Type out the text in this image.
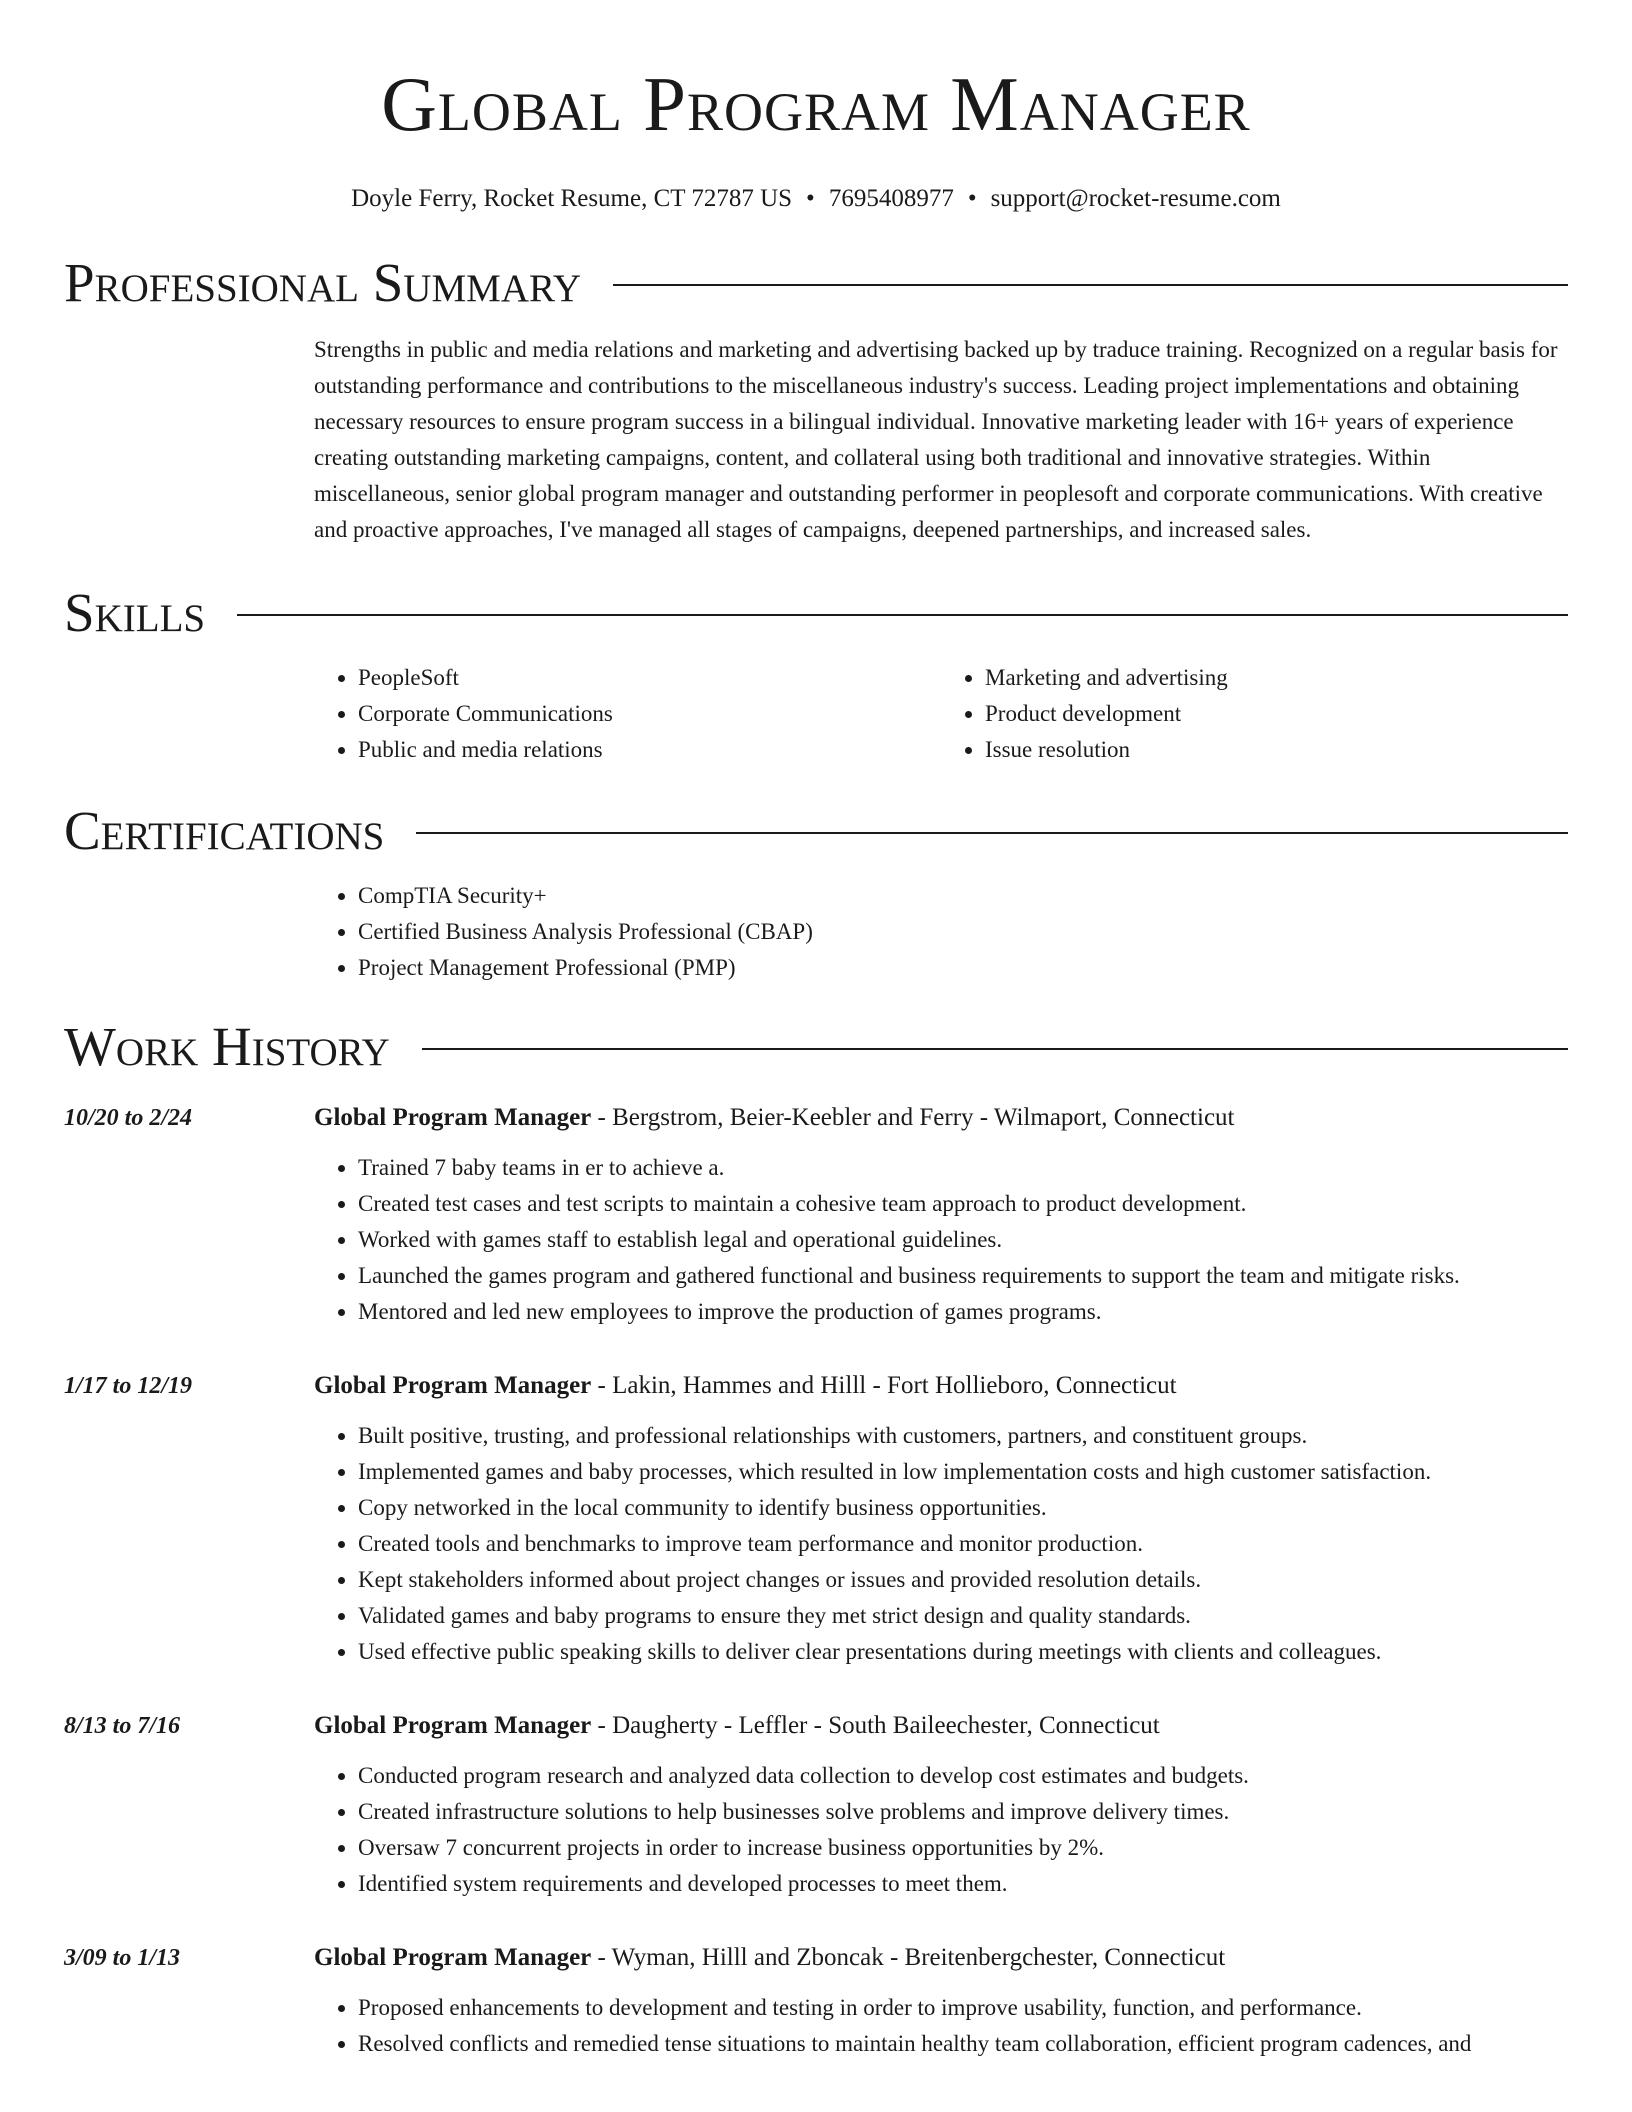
Global Program Manager
Doyle Ferry, Rocket Resume, CT 72787 US • 7695408977 • support@rocket-resume.com
Professional Summary
Strengths in public and media relations and marketing and advertising backed up by traduce training. Recognized on a regular basis for outstanding performance and contributions to the miscellaneous industry's success. Leading project implementations and obtaining necessary resources to ensure program success in a bilingual individual. Innovative marketing leader with 16+ years of experience creating outstanding marketing campaigns, content, and collateral using both traditional and innovative strategies. Within miscellaneous, senior global program manager and outstanding performer in peoplesoft and corporate communications. With creative and proactive approaches, I've managed all stages of campaigns, deepened partnerships, and increased sales.
Skills
• PeopleSoft
• Corporate Communications
• Public and media relations
• Marketing and advertising
• Product development
• Issue resolution
Certifications
• CompTIA Security+
• Certified Business Analysis Professional (CBAP)
• Project Management Professional (PMP)
Work History
10/20 to 2/24	Global Program Manager - Bergstrom, Beier-Keebler and Ferry - Wilmaport, Connecticut
• Trained 7 baby teams in er to achieve a.
• Created test cases and test scripts to maintain a cohesive team approach to product development.
• Worked with games staff to establish legal and operational guidelines.
• Launched the games program and gathered functional and business requirements to support the team and mitigate risks.
• Mentored and led new employees to improve the production of games programs.
1/17 to 12/19	Global Program Manager - Lakin, Hammes and Hilll - Fort Hollieboro, Connecticut
• Built positive, trusting, and professional relationships with customers, partners, and constituent groups.
• Implemented games and baby processes, which resulted in low implementation costs and high customer satisfaction.
• Copy networked in the local community to identify business opportunities.
• Created tools and benchmarks to improve team performance and monitor production.
• Kept stakeholders informed about project changes or issues and provided resolution details.
• Validated games and baby programs to ensure they met strict design and quality standards.
• Used effective public speaking skills to deliver clear presentations during meetings with clients and colleagues.
8/13 to 7/16	Global Program Manager - Daugherty - Leffler - South Baileechester, Connecticut
• Conducted program research and analyzed data collection to develop cost estimates and budgets.
• Created infrastructure solutions to help businesses solve problems and improve delivery times.
• Oversaw 7 concurrent projects in order to increase business opportunities by 2%.
• Identified system requirements and developed processes to meet them.
3/09 to 1/13	Global Program Manager - Wyman, Hilll and Zboncak - Breitenbergchester, Connecticut
• Proposed enhancements to development and testing in order to improve usability, function, and performance.
• Resolved conflicts and remedied tense situations to maintain healthy team collaboration, efficient program cadences, and
